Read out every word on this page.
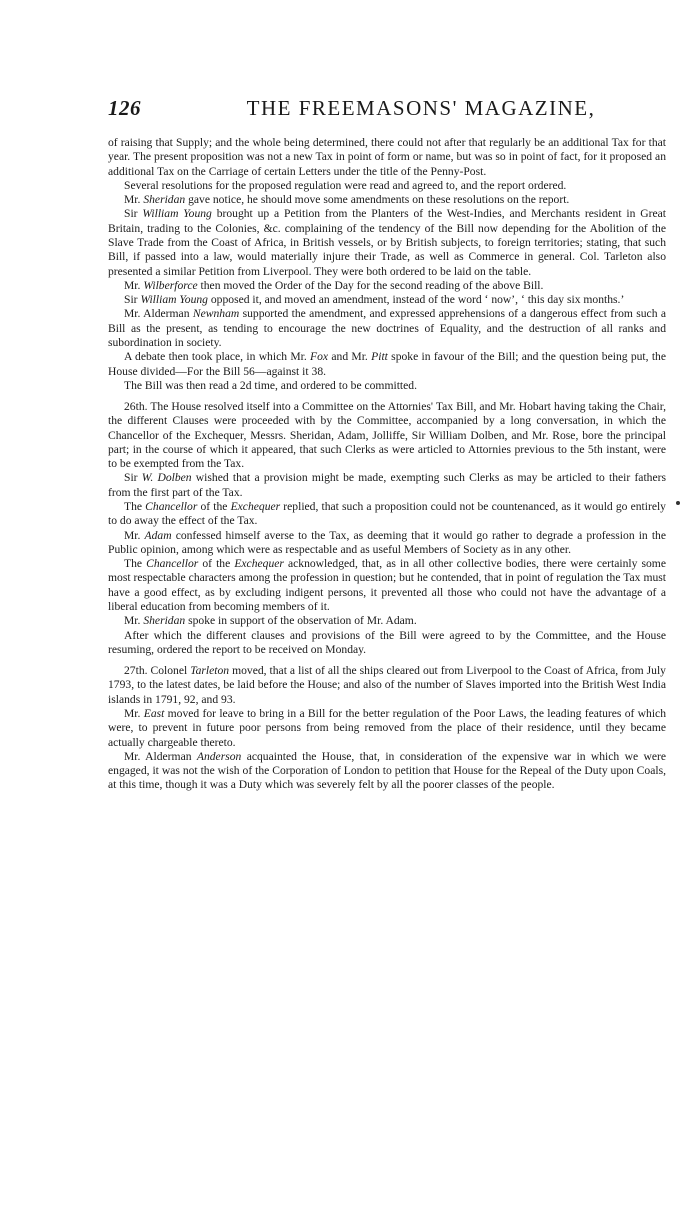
126	THE FREEMASONS' MAGAZINE,

of raising that Supply; and the whole being determined, there could not after that regularly be an additional Tax for that year. The present proposition was not a new Tax in point of form or name, but was so in point of fact, for it proposed an additional Tax on the Carriage of certain Letters under the title of the Penny-Post.

Several resolutions for the proposed regulation were read and agreed to, and the report ordered.

Mr. Sheridan gave notice, he should move some amendments on these resolutions on the report.

Sir William Young brought up a Petition from the Planters of the West-Indies, and Merchants resident in Great Britain, trading to the Colonies, &c. complaining of the tendency of the Bill now depending for the Abolition of the Slave Trade from the Coast of Africa, in British vessels, or by British subjects, to foreign territories; stating, that such Bill, if passed into a law, would materially injure their Trade, as well as Commerce in general. Col. Tarleton also presented a similar Petition from Liverpool. They were both ordered to be laid on the table.

Mr. Wilberforce then moved the Order of the Day for the second reading of the above Bill.

Sir William Young opposed it, and moved an amendment, instead of the word ‘ now’, ‘ this day six months.’

Mr. Alderman Newnham supported the amendment, and expressed apprehensions of a dangerous effect from such a Bill as the present, as tending to encourage the new doctrines of Equality, and the destruction of all ranks and subordination in society.

A debate then took place, in which Mr. Fox and Mr. Pitt spoke in favour of the Bill; and the question being put, the House divided—For the Bill 56—against it 38.

The Bill was then read a 2d time, and ordered to be committed.

26th. The House resolved itself into a Committee on the Attornies' Tax Bill, and Mr. Hobart having taking the Chair, the different Clauses were proceeded with by the Committee, accompanied by a long conversation, in which the Chancellor of the Exchequer, Messrs. Sheridan, Adam, Jolliffe, Sir William Dolben, and Mr. Rose, bore the principal part; in the course of which it appeared, that such Clerks as were articled to Attornies previous to the 5th instant, were to be exempted from the Tax.

Sir W. Dolben wished that a provision might be made, exempting such Clerks as may be articled to their fathers from the first part of the Tax.

The Chancellor of the Exchequer replied, that such a proposition could not be countenanced, as it would go entirely to do away the effect of the Tax.

Mr. Adam confessed himself averse to the Tax, as deeming that it would go rather to degrade a profession in the Public opinion, among which were as respectable and as useful Members of Society as in any other.

The Chancellor of the Exchequer acknowledged, that, as in all other collective bodies, there were certainly some most respectable characters among the profession in question; but he contended, that in point of regulation the Tax must have a good effect, as by excluding indigent persons, it prevented all those who could not have the advantage of a liberal education from becoming members of it.

Mr. Sheridan spoke in support of the observation of Mr. Adam.

After which the different clauses and provisions of the Bill were agreed to by the Committee, and the House resuming, ordered the report to be received on Monday.

27th. Colonel Tarleton moved, that a list of all the ships cleared out from Liverpool to the Coast of Africa, from July 1793, to the latest dates, be laid before the House; and also of the number of Slaves imported into the British West India islands in 1791, 92, and 93.

Mr. East moved for leave to bring in a Bill for the better regulation of the Poor Laws, the leading features of which were, to prevent in future poor persons from being removed from the place of their residence, until they became actually chargeable thereto.

Mr. Alderman Anderson acquainted the House, that, in consideration of the expensive war in which we were engaged, it was not the wish of the Corporation of London to petition that House for the Repeal of the Duty upon Coals, at this time, though it was a Duty which was severely felt by all the poorer classes of the people.
